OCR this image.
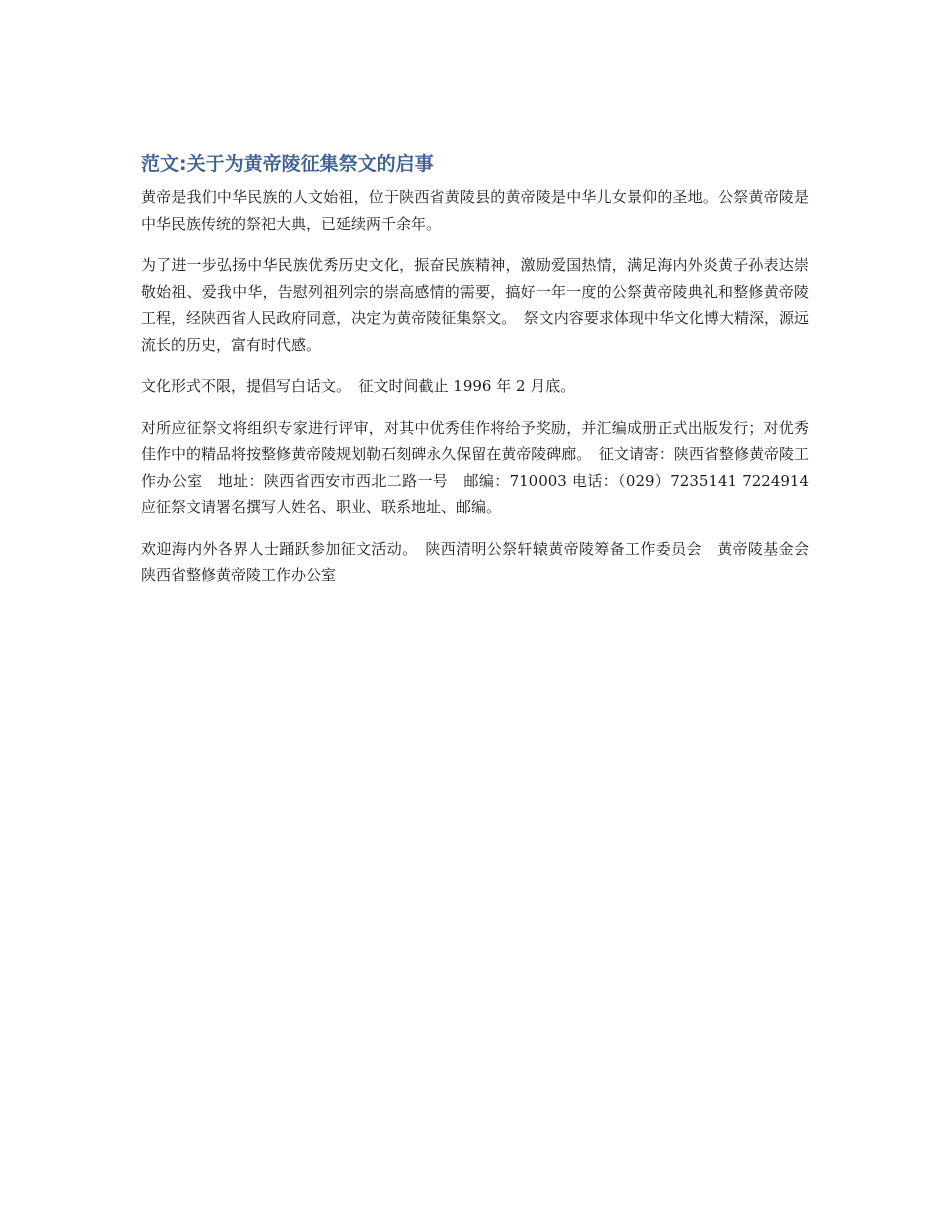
范文:关于为黄帝陵征集祭文的启事

黄帝是我们中华民族的人文始祖，位于陕西省黄陵县的黄帝陵是中华儿女景仰的圣地。公祭黄帝陵是中华民族传统的祭祀大典，已延续两千余年。

为了进一步弘扬中华民族优秀历史文化，振奋民族精神，激励爱国热情，满足海内外炎黄子孙表达崇敬始祖、爱我中华，告慰列祖列宗的崇高感情的需要，搞好一年一度的公祭黄帝陵典礼和整修黄帝陵工程，经陕西省人民政府同意，决定为黄帝陵征集祭文。　祭文内容要求体现中华文化博大精深，源远流长的历史，富有时代感。

文化形式不限，提倡写白话文。　征文时间截止 1996 年 2 月底。

对所应征祭文将组织专家进行评审，对其中优秀佳作将给予奖励，并汇编成册正式出版发行；对优秀佳作中的精品将按整修黄帝陵规划勒石刻碑永久保留在黄帝陵碑廊。　征文请寄：陕西省整修黄帝陵工作办公室　地址：陕西省西安市西北二路一号　邮编：710003 电话：（029）7235141 7224914　应征祭文请署名撰写人姓名、职业、联系地址、邮编。

欢迎海内外各界人士踊跃参加征文活动。　陕西清明公祭轩辕黄帝陵筹备工作委员会　黄帝陵基金会　陕西省整修黄帝陵工作办公室
